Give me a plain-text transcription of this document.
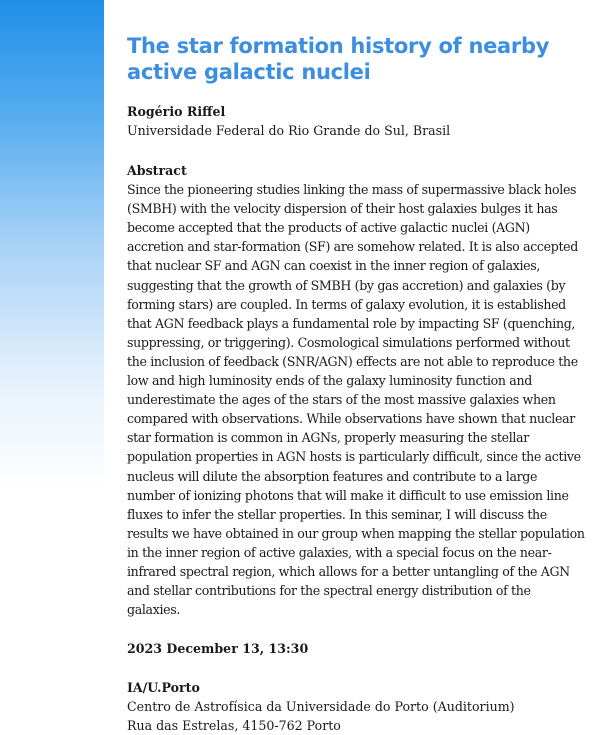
The star formation history of nearby active galactic nuclei
Rogério Riffel
Universidade Federal do Rio Grande do Sul, Brasil
Abstract

Since the pioneering studies linking the mass of supermassive black holes (SMBH) with the velocity dispersion of their host galaxies bulges it has become accepted that the products of active galactic nuclei (AGN) accretion and star-formation (SF) are somehow related. It is also accepted that nuclear SF and AGN can coexist in the inner region of galaxies, suggesting that the growth of SMBH (by gas accretion) and galaxies (by forming stars) are coupled. In terms of galaxy evolution, it is established that AGN feedback plays a fundamental role by impacting SF (quenching, suppressing, or triggering). Cosmological simulations performed without the inclusion of feedback (SNR/AGN) effects are not able to reproduce the low and high luminosity ends of the galaxy luminosity function and underestimate the ages of the stars of the most massive galaxies when compared with observations. While observations have shown that nuclear star formation is common in AGNs, properly measuring the stellar population properties in AGN hosts is particularly difficult, since the active nucleus will dilute the absorption features and contribute to a large number of ionizing photons that will make it difficult to use emission line fluxes to infer the stellar properties. In this seminar, I will discuss the results we have obtained in our group when mapping the stellar population in the inner region of active galaxies, with a special focus on the near-infrared spectral region, which allows for a better untangling of the AGN and stellar contributions for the spectral energy distribution of the galaxies.

2023 December 13, 13:30
IA/U.Porto
Centro de Astrofísica da Universidade do Porto (Auditorium)
Rua das Estrelas, 4150-762 Porto
